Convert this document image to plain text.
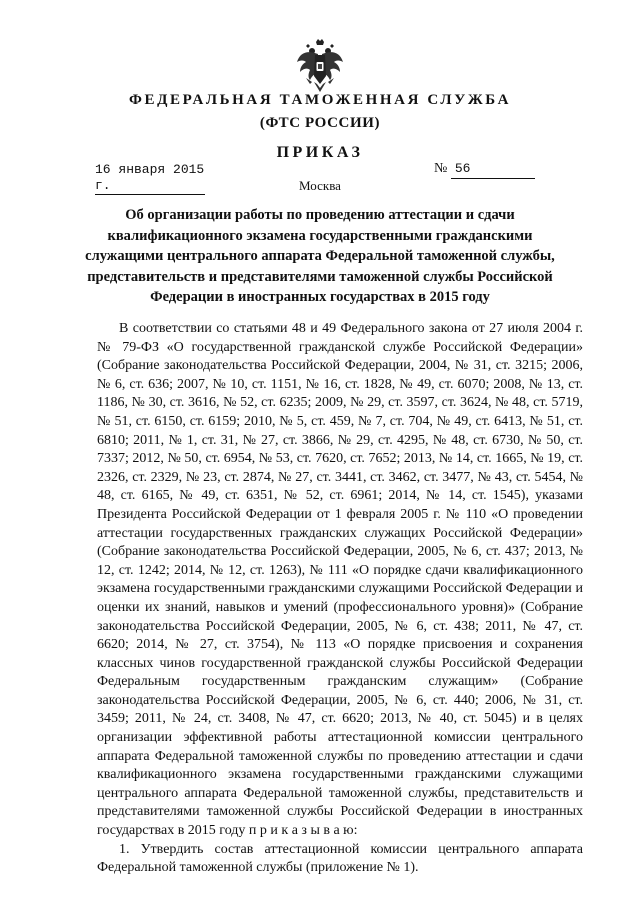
ФЕДЕРАЛЬНАЯ ТАМОЖЕННАЯ СЛУЖБА
(ФТС РОССИИ)
ПРИКАЗ
16 января 2015 г.
№ 56
Москва
Об организации работы по проведению аттестации и сдачи квалификационного экзамена государственными гражданскими служащими центрального аппарата Федеральной таможенной службы, представительств и представителями таможенной службы Российской Федерации в иностранных государствах в 2015 году

В соответствии со статьями 48 и 49 Федерального закона от 27 июля 2004 г. № 79-ФЗ «О государственной гражданской службе Российской Федерации» (Собрание законодательства Российской Федерации, 2004, № 31, ст. 3215; 2006, № 6, ст. 636; 2007, № 10, ст. 1151, № 16, ст. 1828, № 49, ст. 6070; 2008, № 13, ст. 1186, № 30, ст. 3616, № 52, ст. 6235; 2009, № 29, ст. 3597, ст. 3624, № 48, ст. 5719, № 51, ст. 6150, ст. 6159; 2010, № 5, ст. 459, № 7, ст. 704, № 49, ст. 6413, № 51, ст. 6810; 2011, № 1, ст. 31, № 27, ст. 3866, № 29, ст. 4295, № 48, ст. 6730, № 50, ст. 7337; 2012, № 50, ст. 6954, № 53, ст. 7620, ст. 7652; 2013, № 14, ст. 1665, № 19, ст. 2326, ст. 2329, № 23, ст. 2874, № 27, ст. 3441, ст. 3462, ст. 3477, № 43, ст. 5454, № 48, ст. 6165, № 49, ст. 6351, № 52, ст. 6961; 2014, № 14, ст. 1545), указами Президента Российской Федерации от 1 февраля 2005 г. № 110 «О проведении аттестации государственных гражданских служащих Российской Федерации» (Собрание законодательства Российской Федерации, 2005, № 6, ст. 437; 2013, № 12, ст. 1242; 2014, № 12, ст. 1263), № 111 «О порядке сдачи квалификационного экзамена государственными гражданскими служащими Российской Федерации и оценки их знаний, навыков и умений (профессионального уровня)» (Собрание законодательства Российской Федерации, 2005, № 6, ст. 438; 2011, № 47, ст. 6620; 2014, № 27, ст. 3754), № 113 «О порядке присвоения и сохранения классных чинов государственной гражданской службы Российской Федерации Федеральным государственным гражданским служащим» (Собрание законодательства Российской Федерации, 2005, № 6, ст. 440; 2006, № 31, ст. 3459; 2011, № 24, ст. 3408, № 47, ст. 6620; 2013, № 40, ст. 5045) и в целях организации эффективной работы аттестационной комиссии центрального аппарата Федеральной таможенной службы по проведению аттестации и сдачи квалификационного экзамена государственными гражданскими служащими центрального аппарата Федеральной таможенной службы, представительств и представителями таможенной службы Российской Федерации в иностранных государствах в 2015 году п р и к а з ы в а ю:

1. Утвердить состав аттестационной комиссии центрального аппарата Федеральной таможенной службы (приложение № 1).
